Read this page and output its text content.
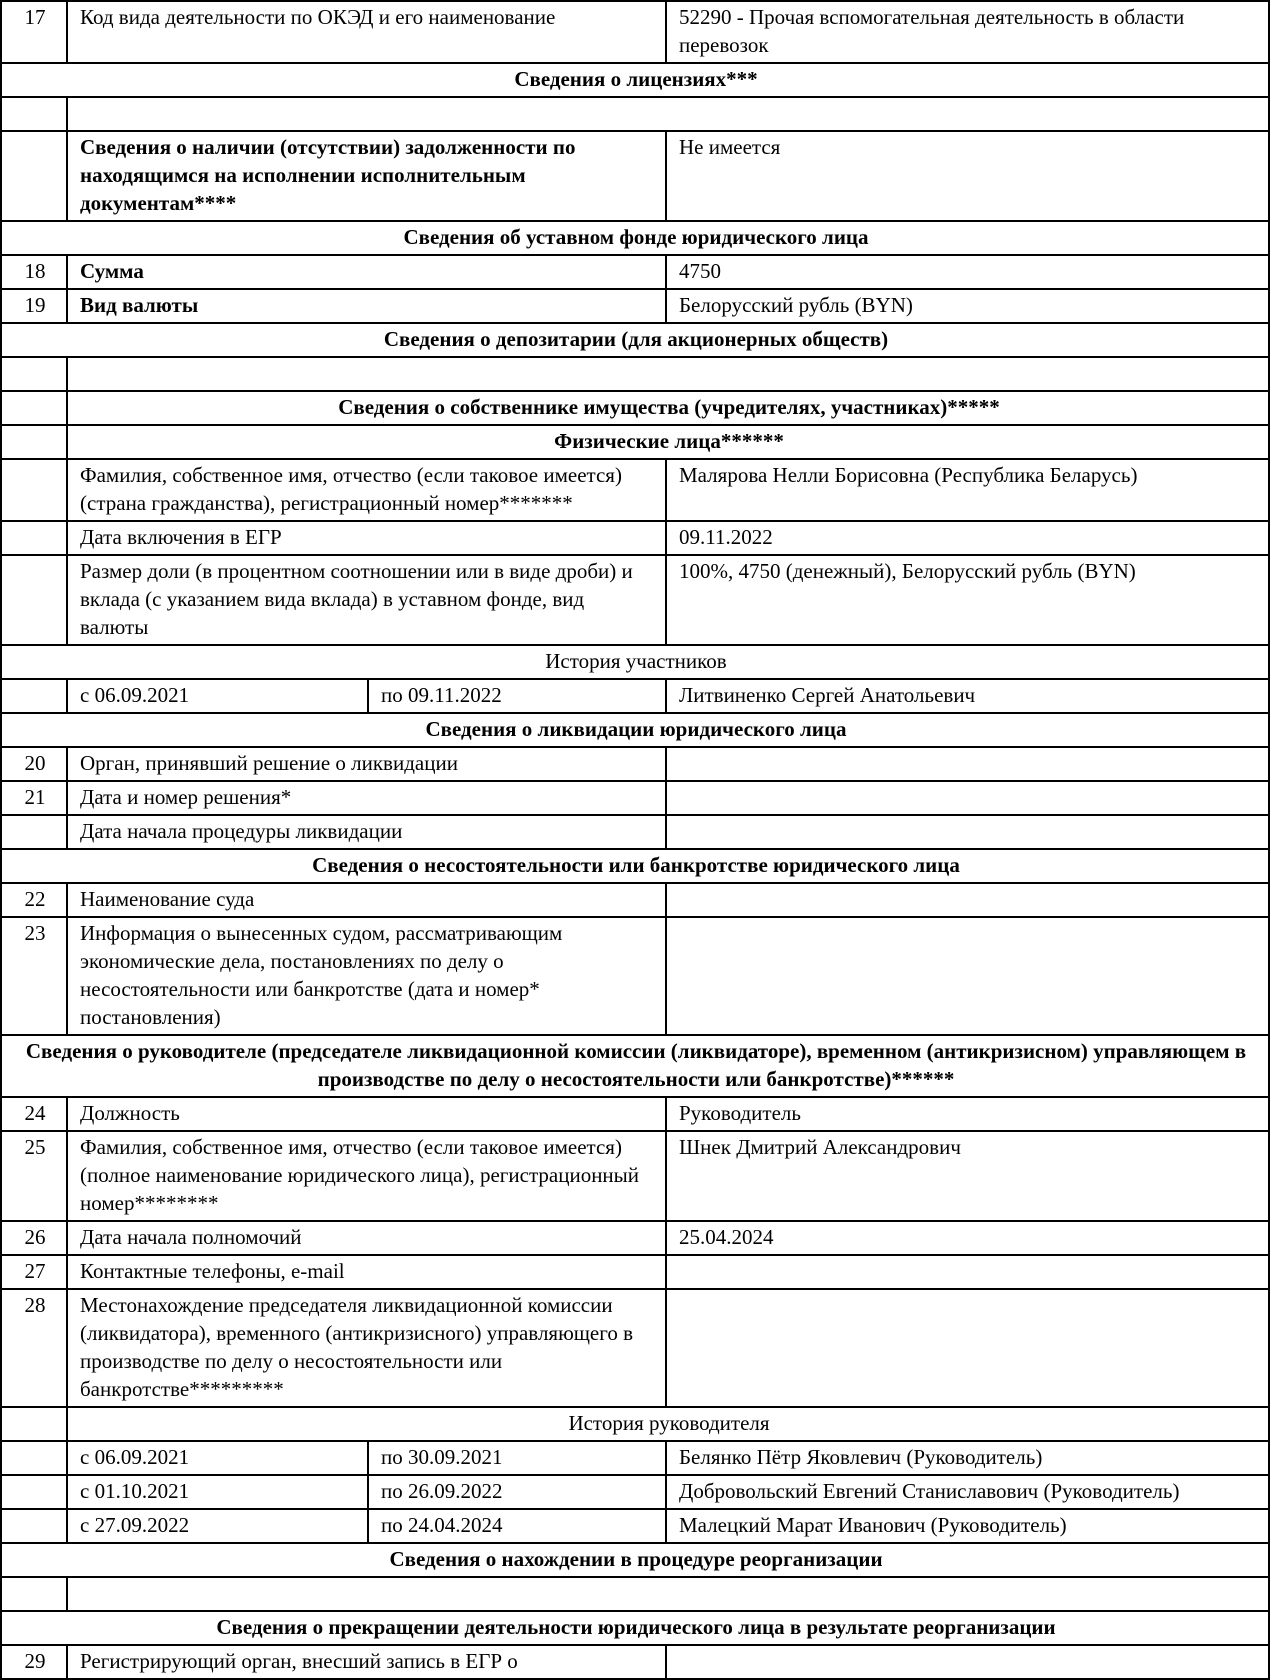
17	Код вида деятельности по ОКЭД и его наименование		52290 - Прочая вспомогательная деятельность в области перевозок
Сведения о лицензиях***			

	Сведения о наличии (отсутствии) задолженности по находящимся на исполнении исполнительным документам****		Не имеется
Сведения об уставном фонде юридического лица			
18	Сумма		4750
19	Вид валюты		Белорусский рубль (BYN)
Сведения о депозитарии (для акционерных обществ)			

	Сведения о собственнике имущества (учредителях, участниках)*****		
	Физические лица******		
	Фамилия, собственное имя, отчество (если таковое имеется) (страна гражданства), регистрационный номер*******		Малярова Нелли Борисовна (Республика Беларусь)
	Дата включения в ЕГР		09.11.2022
	Размер доли (в процентном соотношении или в виде дроби) и вклада (с указанием вида вклада) в уставном фонде, вид валюты		100%, 4750 (денежный), Белорусский рубль (BYN)
История участников			
	с 06.09.2021	по 09.11.2022	Литвиненко Сергей Анатольевич
Сведения о ликвидации юридического лица			
20	Орган, принявший решение о ликвидации		
21	Дата и номер решения*		
	Дата начала процедуры ликвидации		
Сведения о несостоятельности или банкротстве юридического лица			
22	Наименование суда		
23	Информация о вынесенных судом, рассматривающим экономические дела, постановлениях по делу о несостоятельности или банкротстве (дата и номер* постановления)		
Сведения о руководителе (председателе ликвидационной комиссии (ликвидаторе), временном (антикризисном) управляющем в производстве по делу о несостоятельности или банкротстве)******			
24	Должность		Руководитель
25	Фамилия, собственное имя, отчество (если таковое имеется) (полное наименование юридического лица), регистрационный номер********		Шнек Дмитрий Александрович
26	Дата начала полномочий		25.04.2024
27	Контактные телефоны, e-mail		
28	Местонахождение председателя ликвидационной комиссии (ликвидатора), временного (антикризисного) управляющего в производстве по делу о несостоятельности или банкротстве*********		
	История руководителя		
	с 06.09.2021	по 30.09.2021	Белянко Пётр Яковлевич (Руководитель)
	с 01.10.2021	по 26.09.2022	Добровольский Евгений Станиславович (Руководитель)
	с 27.09.2022	по 24.04.2024	Малецкий Марат Иванович (Руководитель)
Сведения о нахождении в процедуре реорганизации			

Сведения о прекращении деятельности юридического лица в результате реорганизации			
29	Регистрирующий орган, внесший запись в ЕГР о		
